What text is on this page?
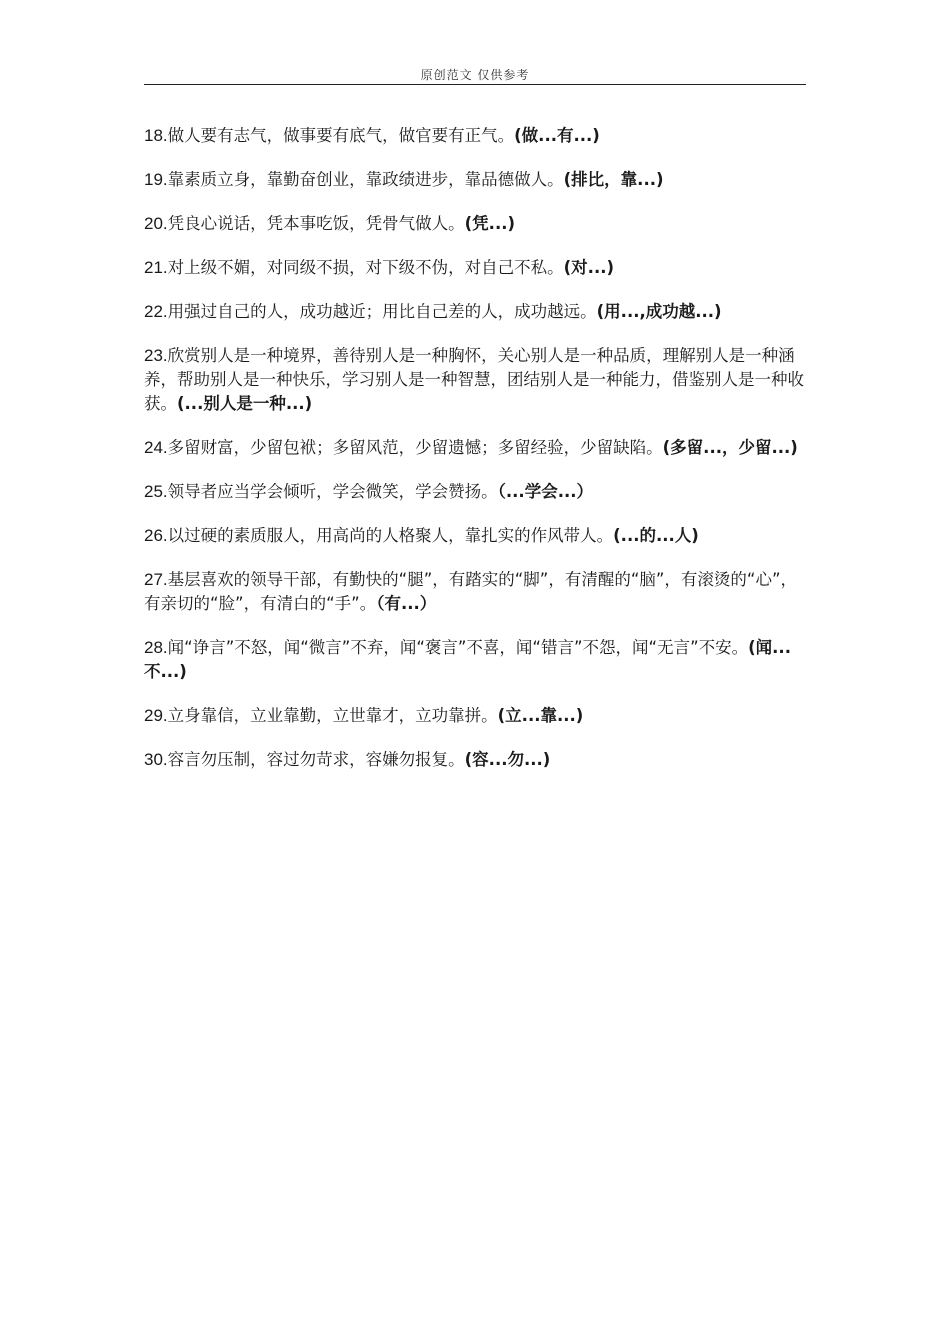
原创范文 仅供参考

18.做人要有志气，做事要有底气，做官要有正气。(做...有...)

19.靠素质立身，靠勤奋创业，靠政绩进步，靠品德做人。(排比，靠...)

20.凭良心说话，凭本事吃饭，凭骨气做人。(凭...)

21.对上级不媚，对同级不损，对下级不伪，对自己不私。(对...)

22.用强过自己的人，成功越近；用比自己差的人，成功越远。(用...,成功越...)

23.欣赏别人是一种境界，善待别人是一种胸怀，关心别人是一种品质，理解别人是一种涵养，帮助别人是一种快乐，学习别人是一种智慧，团结别人是一种能力，借鉴别人是一种收获。(...别人是一种...)

24.多留财富，少留包袱；多留风范，少留遗憾；多留经验，少留缺陷。(多留...，少留...)

25.领导者应当学会倾听，学会微笑，学会赞扬。（...学会...）

26.以过硬的素质服人，用高尚的人格聚人，靠扎实的作风带人。(...的...人)

27.基层喜欢的领导干部，有勤快的“腿”，有踏实的“脚”，有清醒的“脑”，有滚烫的“心”，有亲切的“脸”，有清白的“手”。（有...）

28.闻“诤言”不怒，闻“微言”不弃，闻“褒言”不喜，闻“错言”不怨，闻“无言”不安。(闻...不...)

29.立身靠信，立业靠勤，立世靠才，立功靠拼。(立...靠...)

30.容言勿压制，容过勿苛求，容嫌勿报复。(容...勿...)
